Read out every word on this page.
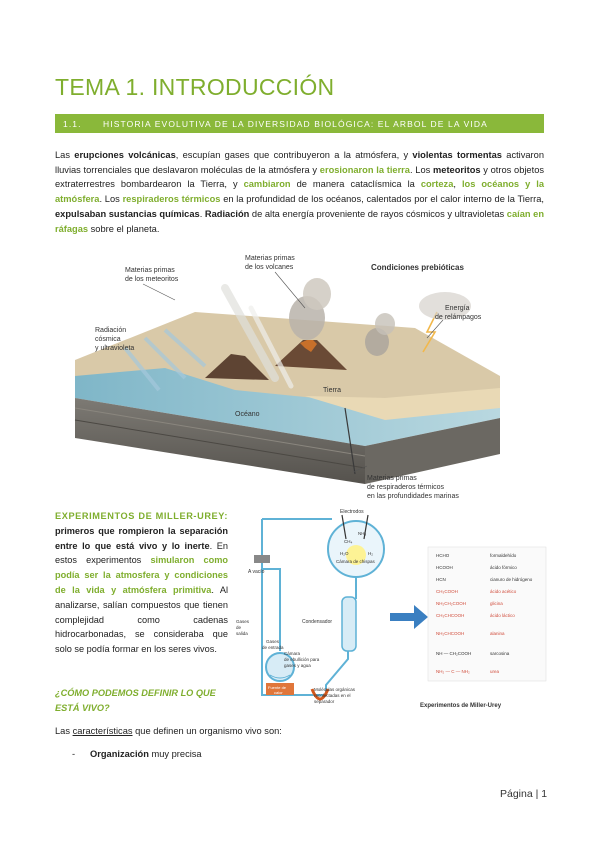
TEMA 1. INTRODUCCIÓN
1.1.	HISTORIA EVOLUTIVA DE LA DIVERSIDAD BIOLÓGICA: EL ARBOL DE LA VIDA
Las erupciones volcánicas, escupían gases que contribuyeron a la atmósfera, y violentas tormentas activaron lluvias torrenciales que deslavaron moléculas de la atmósfera y erosionaron la tierra. Los meteoritos y otros objetos extraterrestres bombardearon la Tierra, y cambiaron de manera cataclísmica la corteza, los océanos y la atmósfera. Los respiraderos térmicos en la profundidad de los océanos, calentados por el calor interno de la Tierra, expulsaban sustancias químicas. Radiación de alta energía proveniente de rayos cósmicos y ultravioletas caían en ráfagas sobre el planeta.
Condiciones prebióticas
Materias primas
de los meteoritos
Materias primas
de los volcanes
Energía
de relámpagos
Radiación
cósmica
y ultravioleta
Tierra
Océano
Materias primas
de respiraderos térmicos
en las profundidades marinas
EXPERIMENTOS DE MILLER-UREY: primeros que rompieron la separación entre lo que está vivo y lo inerte. En estos experimentos simularon como podía ser la atmosfera y condiciones de la vida y atmósfera primitiva. Al analizarse, salían compuestos que tienen complejidad como cadenas hidrocarbonadas, se consideraba que solo se podía formar en los seres vivos.
Electrodos
A vacío
Cámara de chispas
CH₄
NH₃
H₂O	H₂
Condensador
Gases
de
salida
Gases
de entrada
Cámara
de ebullición para
gases y agua
Fuente de
calor
Moléculas orgánicas
recolectadas en el
separador
HCHO	formaldehído
HCOOH	ácido fórmico
HCN	cianuro de hidrógeno
CH₃COOH	ácido acético
NH₂CH₂COOH	glicina
CH₃CHCOOH	ácido láctico
NH₂CHCOOH	alanina
NH — CH₂COOH	sarcosina
NH₂ — C — NH₂	urea
Experimentos de Miller-Urey
¿CÓMO PODEMOS DEFINIR LO QUE ESTÁ VIVO?
Las características que definen un organismo vivo son:
- Organización muy precisa
Página | 1
